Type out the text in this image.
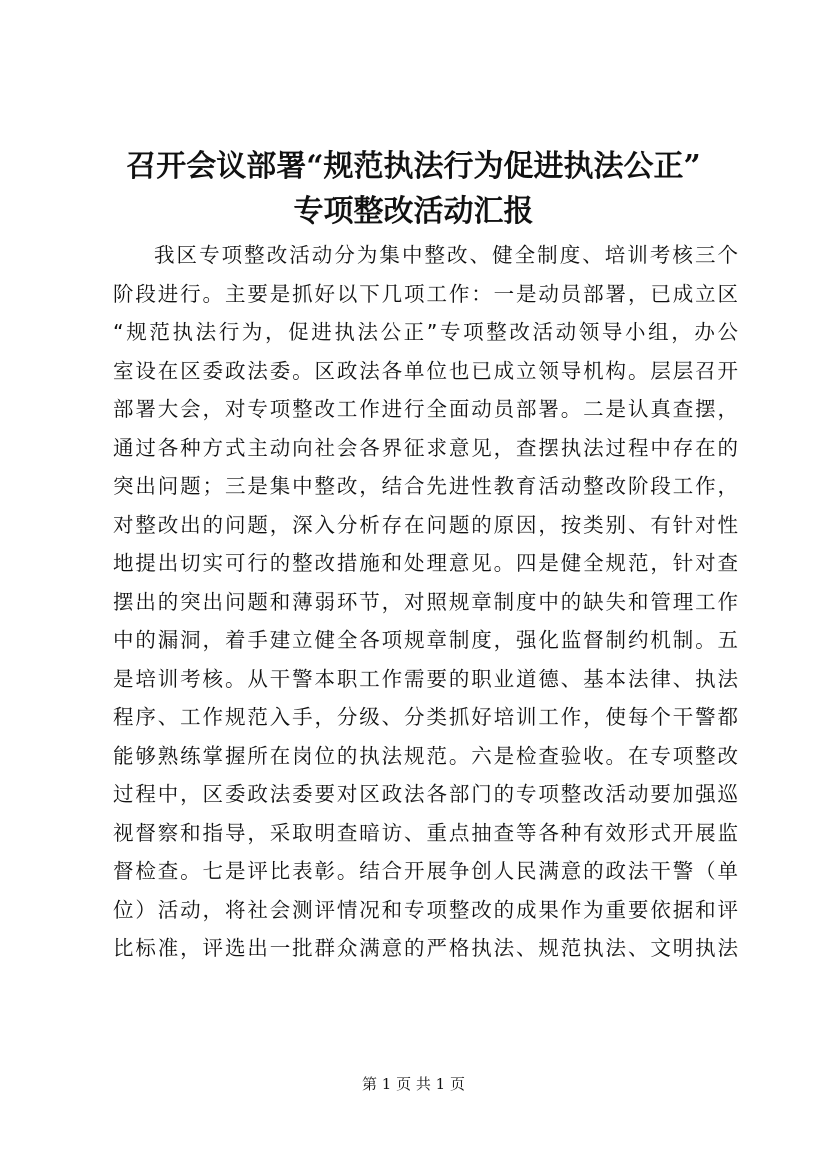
召开会议部署“规范执法行为促进执法公正”
专项整改活动汇报
我区专项整改活动分为集中整改、健全制度、培训考核三个
阶段进行。主要是抓好以下几项工作：一是动员部署，已成立区
“规范执法行为，促进执法公正”专项整改活动领导小组，办公
室设在区委政法委。区政法各单位也已成立领导机构。层层召开
部署大会，对专项整改工作进行全面动员部署。二是认真查摆，
通过各种方式主动向社会各界征求意见，查摆执法过程中存在的
突出问题；三是集中整改，结合先进性教育活动整改阶段工作，
对整改出的问题，深入分析存在问题的原因，按类别、有针对性
地提出切实可行的整改措施和处理意见。四是健全规范，针对查
摆出的突出问题和薄弱环节，对照规章制度中的缺失和管理工作
中的漏洞，着手建立健全各项规章制度，强化监督制约机制。五
是培训考核。从干警本职工作需要的职业道德、基本法律、执法
程序、工作规范入手，分级、分类抓好培训工作，使每个干警都
能够熟练掌握所在岗位的执法规范。六是检查验收。在专项整改
过程中，区委政法委要对区政法各部门的专项整改活动要加强巡
视督察和指导，采取明查暗访、重点抽查等各种有效形式开展监
督检查。七是评比表彰。结合开展争创人民满意的政法干警（单
位）活动，将社会测评情况和专项整改的成果作为重要依据和评
比标准，评选出一批群众满意的严格执法、规范执法、文明执法
第 1 页 共 1 页
